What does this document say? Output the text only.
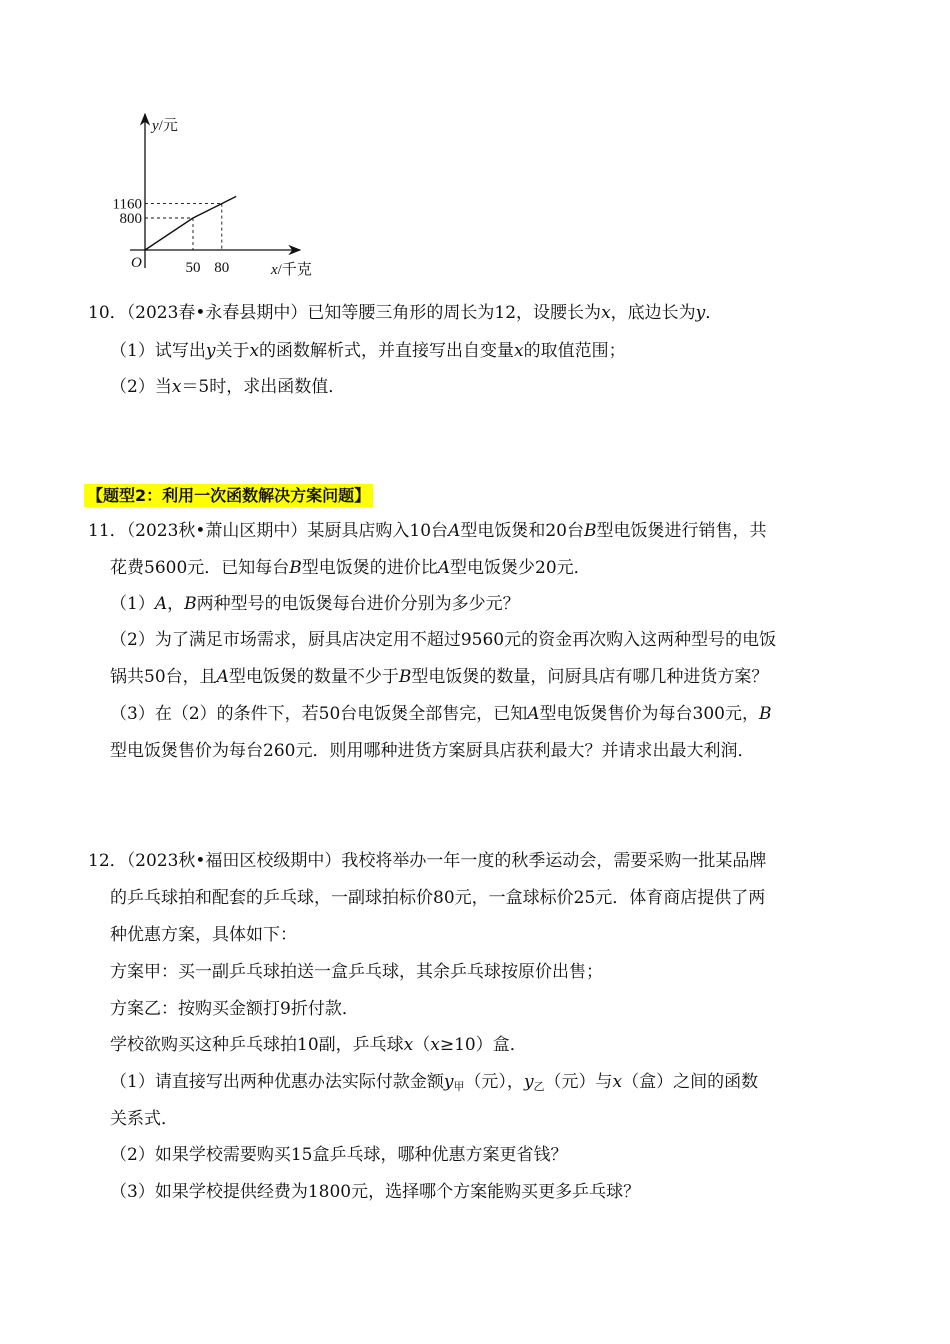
y/元
x/千克
O	50 80
800
1160
10．（2023春•永春县期中）已知等腰三角形的周长为12，设腰长为x，底边长为y．
（1）试写出y关于x的函数解析式，并直接写出自变量x的取值范围；
（2）当x＝5时，求出函数值．
【题型2：利用一次函数解决方案问题】
11．（2023秋•萧山区期中）某厨具店购入10台A型电饭煲和20台B型电饭煲进行销售，共
花费5600元．已知每台B型电饭煲的进价比A型电饭煲少20元．
（1）A，B两种型号的电饭煲每台进价分别为多少元？
（2）为了满足市场需求，厨具店决定用不超过9560元的资金再次购入这两种型号的电饭
锅共50台，且A型电饭煲的数量不少于B型电饭煲的数量，问厨具店有哪几种进货方案？
（3）在（2）的条件下，若50台电饭煲全部售完，已知A型电饭煲售价为每台300元，B
型电饭煲售价为每台260元．则用哪种进货方案厨具店获利最大？并请求出最大利润．
12．（2023秋•福田区校级期中）我校将举办一年一度的秋季运动会，需要采购一批某品牌
的乒乓球拍和配套的乒乓球，一副球拍标价80元，一盒球标价25元．体育商店提供了两
种优惠方案，具体如下：
方案甲：买一副乒乓球拍送一盒乒乓球，其余乒乓球按原价出售；
方案乙：按购买金额打9折付款．
学校欲购买这种乒乓球拍10副，乒乓球x（x≥10）盒．
（1）请直接写出两种优惠办法实际付款金额y甲（元），y乙（元）与x（盒）之间的函数
关系式．
（2）如果学校需要购买15盒乒乓球，哪种优惠方案更省钱？
（3）如果学校提供经费为1800元，选择哪个方案能购买更多乒乓球？
